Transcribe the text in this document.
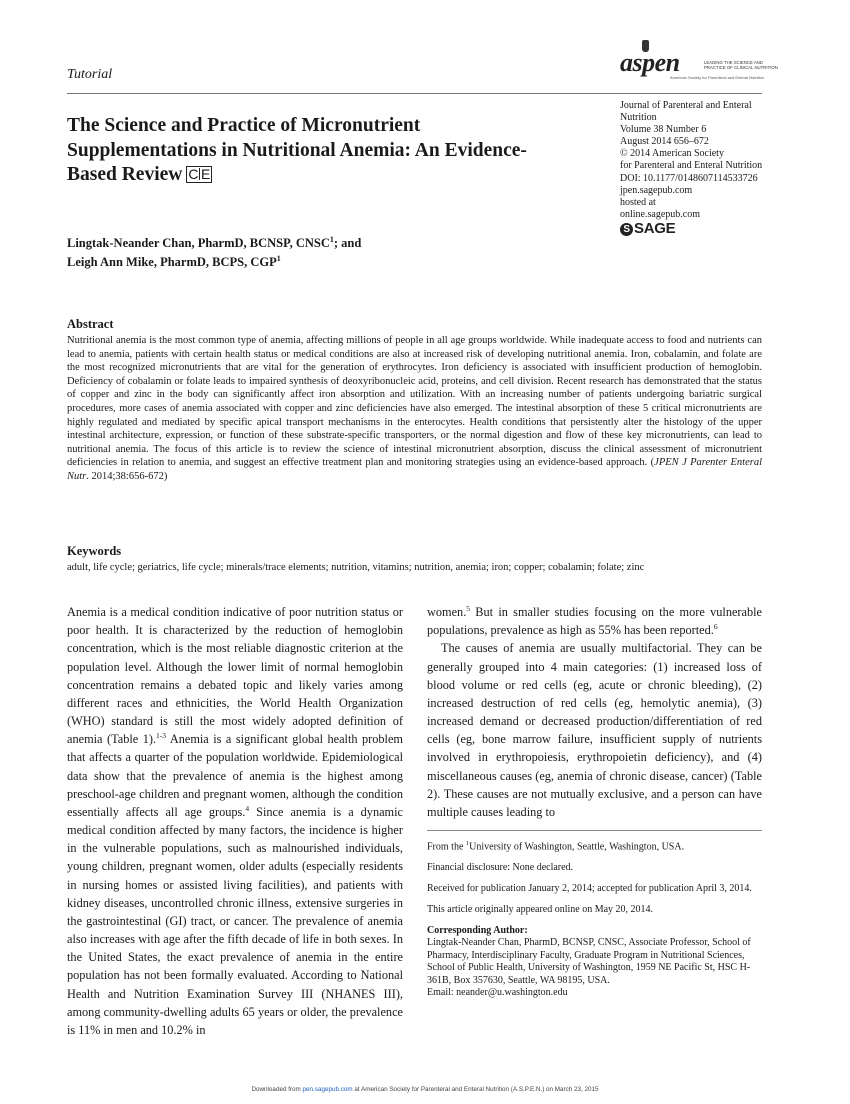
Tutorial	aspen	LEADING THE SCIENCE AND
PRACTICE OF CLINICAL NUTRITION
American Society for Parenteral and Enteral Nutrition
The Science and Practice of Micronutrient Supplementations in Nutritional Anemia: An Evidence-Based Review C E
Journal of Parenteral and Enteral
Nutrition
Volume 38 Number 6
August 2014 656–672
© 2014 American Society
for Parenteral and Enteral Nutrition
DOI: 10.1177/0148607114533726
jpen.sagepub.com
hosted at
online.sagepub.com
S SAGE
Lingtak-Neander Chan, PharmD, BCNSP, CNSC$^1$; and
Leigh Ann Mike, PharmD, BCPS, CGP$^1$
Abstract
Nutritional anemia is the most common type of anemia, affecting millions of people in all age groups worldwide. While inadequate access to food and nutrients can lead to anemia, patients with certain health status or medical conditions are also at increased risk of developing nutritional anemia. Iron, cobalamin, and folate are the most recognized micronutrients that are vital for the generation of erythrocytes. Iron deficiency is associated with insufficient production of hemoglobin. Deficiency of cobalamin or folate leads to impaired synthesis of deoxyribonucleic acid, proteins, and cell division. Recent research has demonstrated that the status of copper and zinc in the body can significantly affect iron absorption and utilization. With an increasing number of patients undergoing bariatric surgical procedures, more cases of anemia associated with copper and zinc deficiencies have also emerged. The intestinal absorption of these 5 critical micronutrients are highly regulated and mediated by specific apical transport mechanisms in the enterocytes. Health conditions that persistently alter the histology of the upper intestinal architecture, expression, or function of these substrate-specific transporters, or the normal digestion and flow of these key micronutrients, can lead to nutritional anemia. The focus of this article is to review the science of intestinal micronutrient absorption, discuss the clinical assessment of micronutrient deficiencies in relation to anemia, and suggest an effective treatment plan and monitoring strategies using an evidence-based approach. (JPEN J Parenter Enteral Nutr. 2014;38:656-672)
Keywords
adult, life cycle; geriatrics, life cycle; minerals/trace elements; nutrition, vitamins; nutrition, anemia; iron; copper; cobalamin; folate; zinc

Anemia is a medical condition indicative of poor nutrition status or poor health. It is characterized by the reduction of hemoglobin concentration, which is the most reliable diagnostic criterion at the population level. Although the lower limit of normal hemoglobin concentration remains a debated topic and likely varies among different races and ethnicities, the World Health Organization (WHO) standard is still the most widely adopted definition of anemia (Table 1).$^{1-3}$ Anemia is a significant global health problem that affects a quarter of the population worldwide. Epidemiological data show that the prevalence of anemia is the highest among preschool-age children and pregnant women, although the condition essentially affects all age groups.$^4$ Since anemia is a dynamic medical condition affected by many factors, the incidence is higher in the vulnerable populations, such as malnourished individuals, young children, pregnant women, older adults (especially residents in nursing homes or assisted living facilities), and patients with kidney diseases, uncontrolled chronic illness, extensive surgeries in the gastrointestinal (GI) tract, or cancer. The prevalence of anemia also increases with age after the fifth decade of life in both sexes. In the United States, the exact prevalence of anemia in the entire population has not been formally evaluated. According to National Health and Nutrition Examination Survey III (NHANES III), among community-dwelling adults 65 years or older, the prevalence is 11% in men and 10.2% in

women.$^5$ But in smaller studies focusing on the more vulnerable populations, prevalence as high as 55% has been reported.$^6$

The causes of anemia are usually multifactorial. They can be generally grouped into 4 main categories: (1) increased loss of blood volume or red cells (eg, acute or chronic bleeding), (2) increased destruction of red cells (eg, hemolytic anemia), (3) increased demand or decreased production/differentiation of red cells (eg, bone marrow failure, insufficient supply of nutrients involved in erythropoiesis, erythropoietin deficiency), and (4) miscellaneous causes (eg, anemia of chronic disease, cancer) (Table 2). These causes are not mutually exclusive, and a person can have multiple causes leading to

From the $^1$University of Washington, Seattle, Washington, USA.

Financial disclosure: None declared.

Received for publication January 2, 2014; accepted for publication April 3, 2014.

This article originally appeared online on May 20, 2014.

Corresponding Author:
Lingtak-Neander Chan, PharmD, BCNSP, CNSC, Associate Professor, School of Pharmacy, Interdisciplinary Faculty, Graduate Program in Nutritional Sciences, School of Public Health, University of Washington, 1959 NE Pacific St, HSC H-361B, Box 357630, Seattle, WA 98195, USA.
Email: neander@u.washington.edu

Downloaded from pen.sagepub.com at American Society for Parenteral and Enteral Nutrition (A.S.P.E.N.) on March 23, 2015
